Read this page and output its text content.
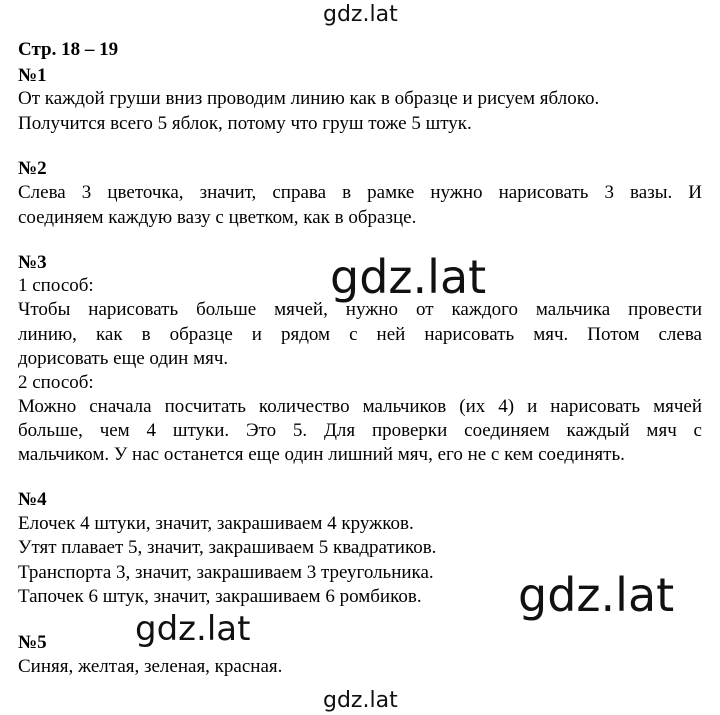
gdz.lat
Стр. 18 – 19
№1
От каждой груши вниз проводим линию как в образце и рисуем яблоко.
Получится всего 5 яблок, потому что груш тоже 5 штук.
№2
Слева 3 цветочка, значит, справа в рамке нужно нарисовать 3 вазы. И
соединяем каждую вазу с цветком, как в образце.
№3
1 способ:
Чтобы нарисовать больше мячей, нужно от каждого мальчика провести
линию, как в образце и рядом с ней нарисовать мяч. Потом слева
дорисовать еще один мяч.
2 способ:
Можно сначала посчитать количество мальчиков (их 4) и нарисовать мячей
больше, чем 4 штуки. Это 5. Для проверки соединяем каждый мяч с
мальчиком. У нас останется еще один лишний мяч, его не с кем соединять.
№4
Елочек 4 штуки, значит, закрашиваем 4 кружков.
Утят плавает 5, значит, закрашиваем 5 квадратиков.
Транспорта 3, значит, закрашиваем 3 треугольника.
Тапочек 6 штук, значит, закрашиваем 6 ромбиков.
№5
Синяя, желтая, зеленая, красная.
gdz.lat
gdz.lat
gdz.lat
gdz.lat
